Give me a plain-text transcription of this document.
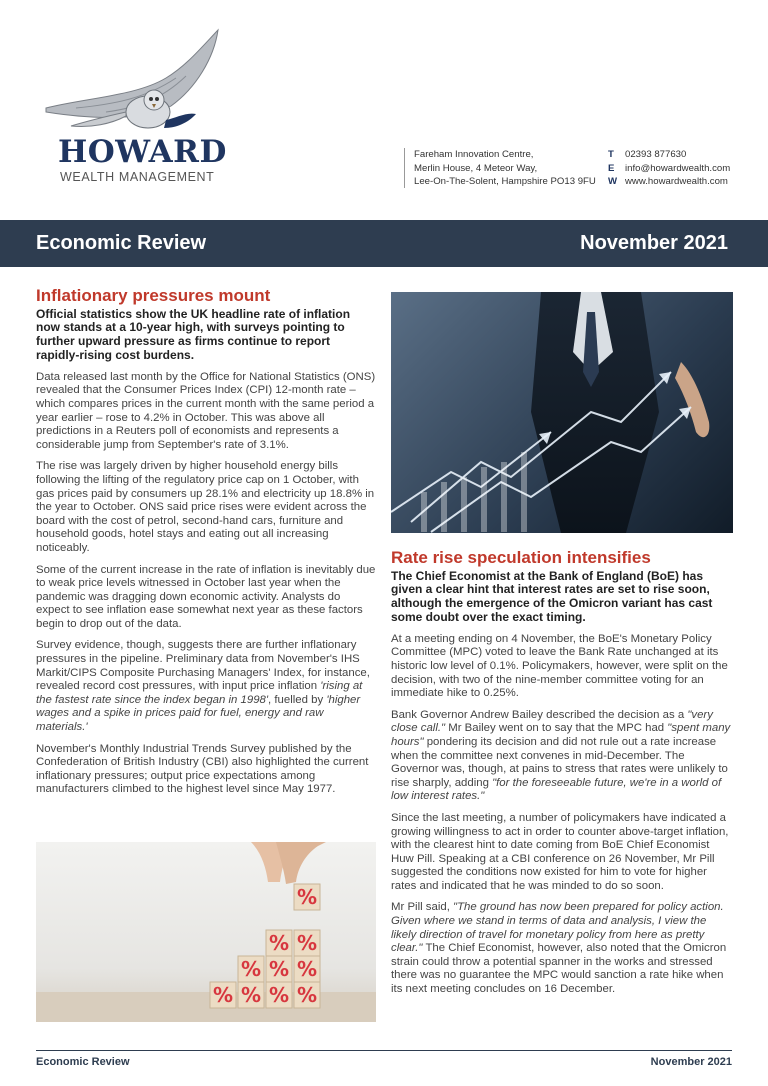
HOWARD
WEALTH MANAGEMENT
Fareham Innovation Centre,
Merlin House, 4 Meteor Way,
Lee-On-The-Solent, Hampshire PO13 9FU
T 02393 877630
E info@howardwealth.com
W www.howardwealth.com
Economic Review	November 2021
Inflationary pressures mount

Official statistics show the UK headline rate of inflation now stands at a 10-year high, with surveys pointing to further upward pressure as firms continue to report rapidly-rising cost burdens.

Data released last month by the Office for National Statistics (ONS) revealed that the Consumer Prices Index (CPI) 12-month rate – which compares prices in the current month with the same period a year earlier – rose to 4.2% in October. This was above all predictions in a Reuters poll of economists and represents a considerable jump from September's rate of 3.1%.

The rise was largely driven by higher household energy bills following the lifting of the regulatory price cap on 1 October, with gas prices paid by consumers up 28.1% and electricity up 18.8% in the year to October. ONS said price rises were evident across the board with the cost of petrol, second-hand cars, furniture and household goods, hotel stays and eating out all increasing noticeably.

Some of the current increase in the rate of inflation is inevitably due to weak price levels witnessed in October last year when the pandemic was dragging down economic activity. Analysts do expect to see inflation ease somewhat next year as these factors begin to drop out of the data.

Survey evidence, though, suggests there are further inflationary pressures in the pipeline. Preliminary data from November's IHS Markit/CIPS Composite Purchasing Managers' Index, for instance, revealed record cost pressures, with input price inflation 'rising at the fastest rate since the index began in 1998', fuelled by 'higher wages and a spike in prices paid for fuel, energy and raw materials.'

November's Monthly Industrial Trends Survey published by the Confederation of British Industry (CBI) also highlighted the current inflationary pressures; output price expectations among manufacturers climbed to the highest level since May 1977.

Rate rise speculation intensifies

The Chief Economist at the Bank of England (BoE) has given a clear hint that interest rates are set to rise soon, although the emergence of the Omicron variant has cast some doubt over the exact timing.

At a meeting ending on 4 November, the BoE's Monetary Policy Committee (MPC) voted to leave the Bank Rate unchanged at its historic low level of 0.1%. Policymakers, however, were split on the decision, with two of the nine-member committee voting for an immediate hike to 0.25%.

Bank Governor Andrew Bailey described the decision as a "very close call." Mr Bailey went on to say that the MPC had "spent many hours" pondering its decision and did not rule out a rate increase when the committee next convenes in mid-December. The Governor was, though, at pains to stress that rates were unlikely to rise sharply, adding "for the foreseeable future, we're in a world of low interest rates."

Since the last meeting, a number of policymakers have indicated a growing willingness to act in order to counter above-target inflation, with the clearest hint to date coming from BoE Chief Economist Huw Pill. Speaking at a CBI conference on 26 November, Mr Pill suggested the conditions now existed for him to vote for higher rates and indicated that he was minded to do so soon.

Mr Pill said, "The ground has now been prepared for policy action. Given where we stand in terms of data and analysis, I view the likely direction of travel for monetary policy from here as pretty clear." The Chief Economist, however, also noted that the Omicron strain could throw a potential spanner in the works and stressed there was no guarantee the MPC would sanction a rate hike when its next meeting concludes on 16 December.

%
% %
% % %
% % % %
Economic Review	November 2021
